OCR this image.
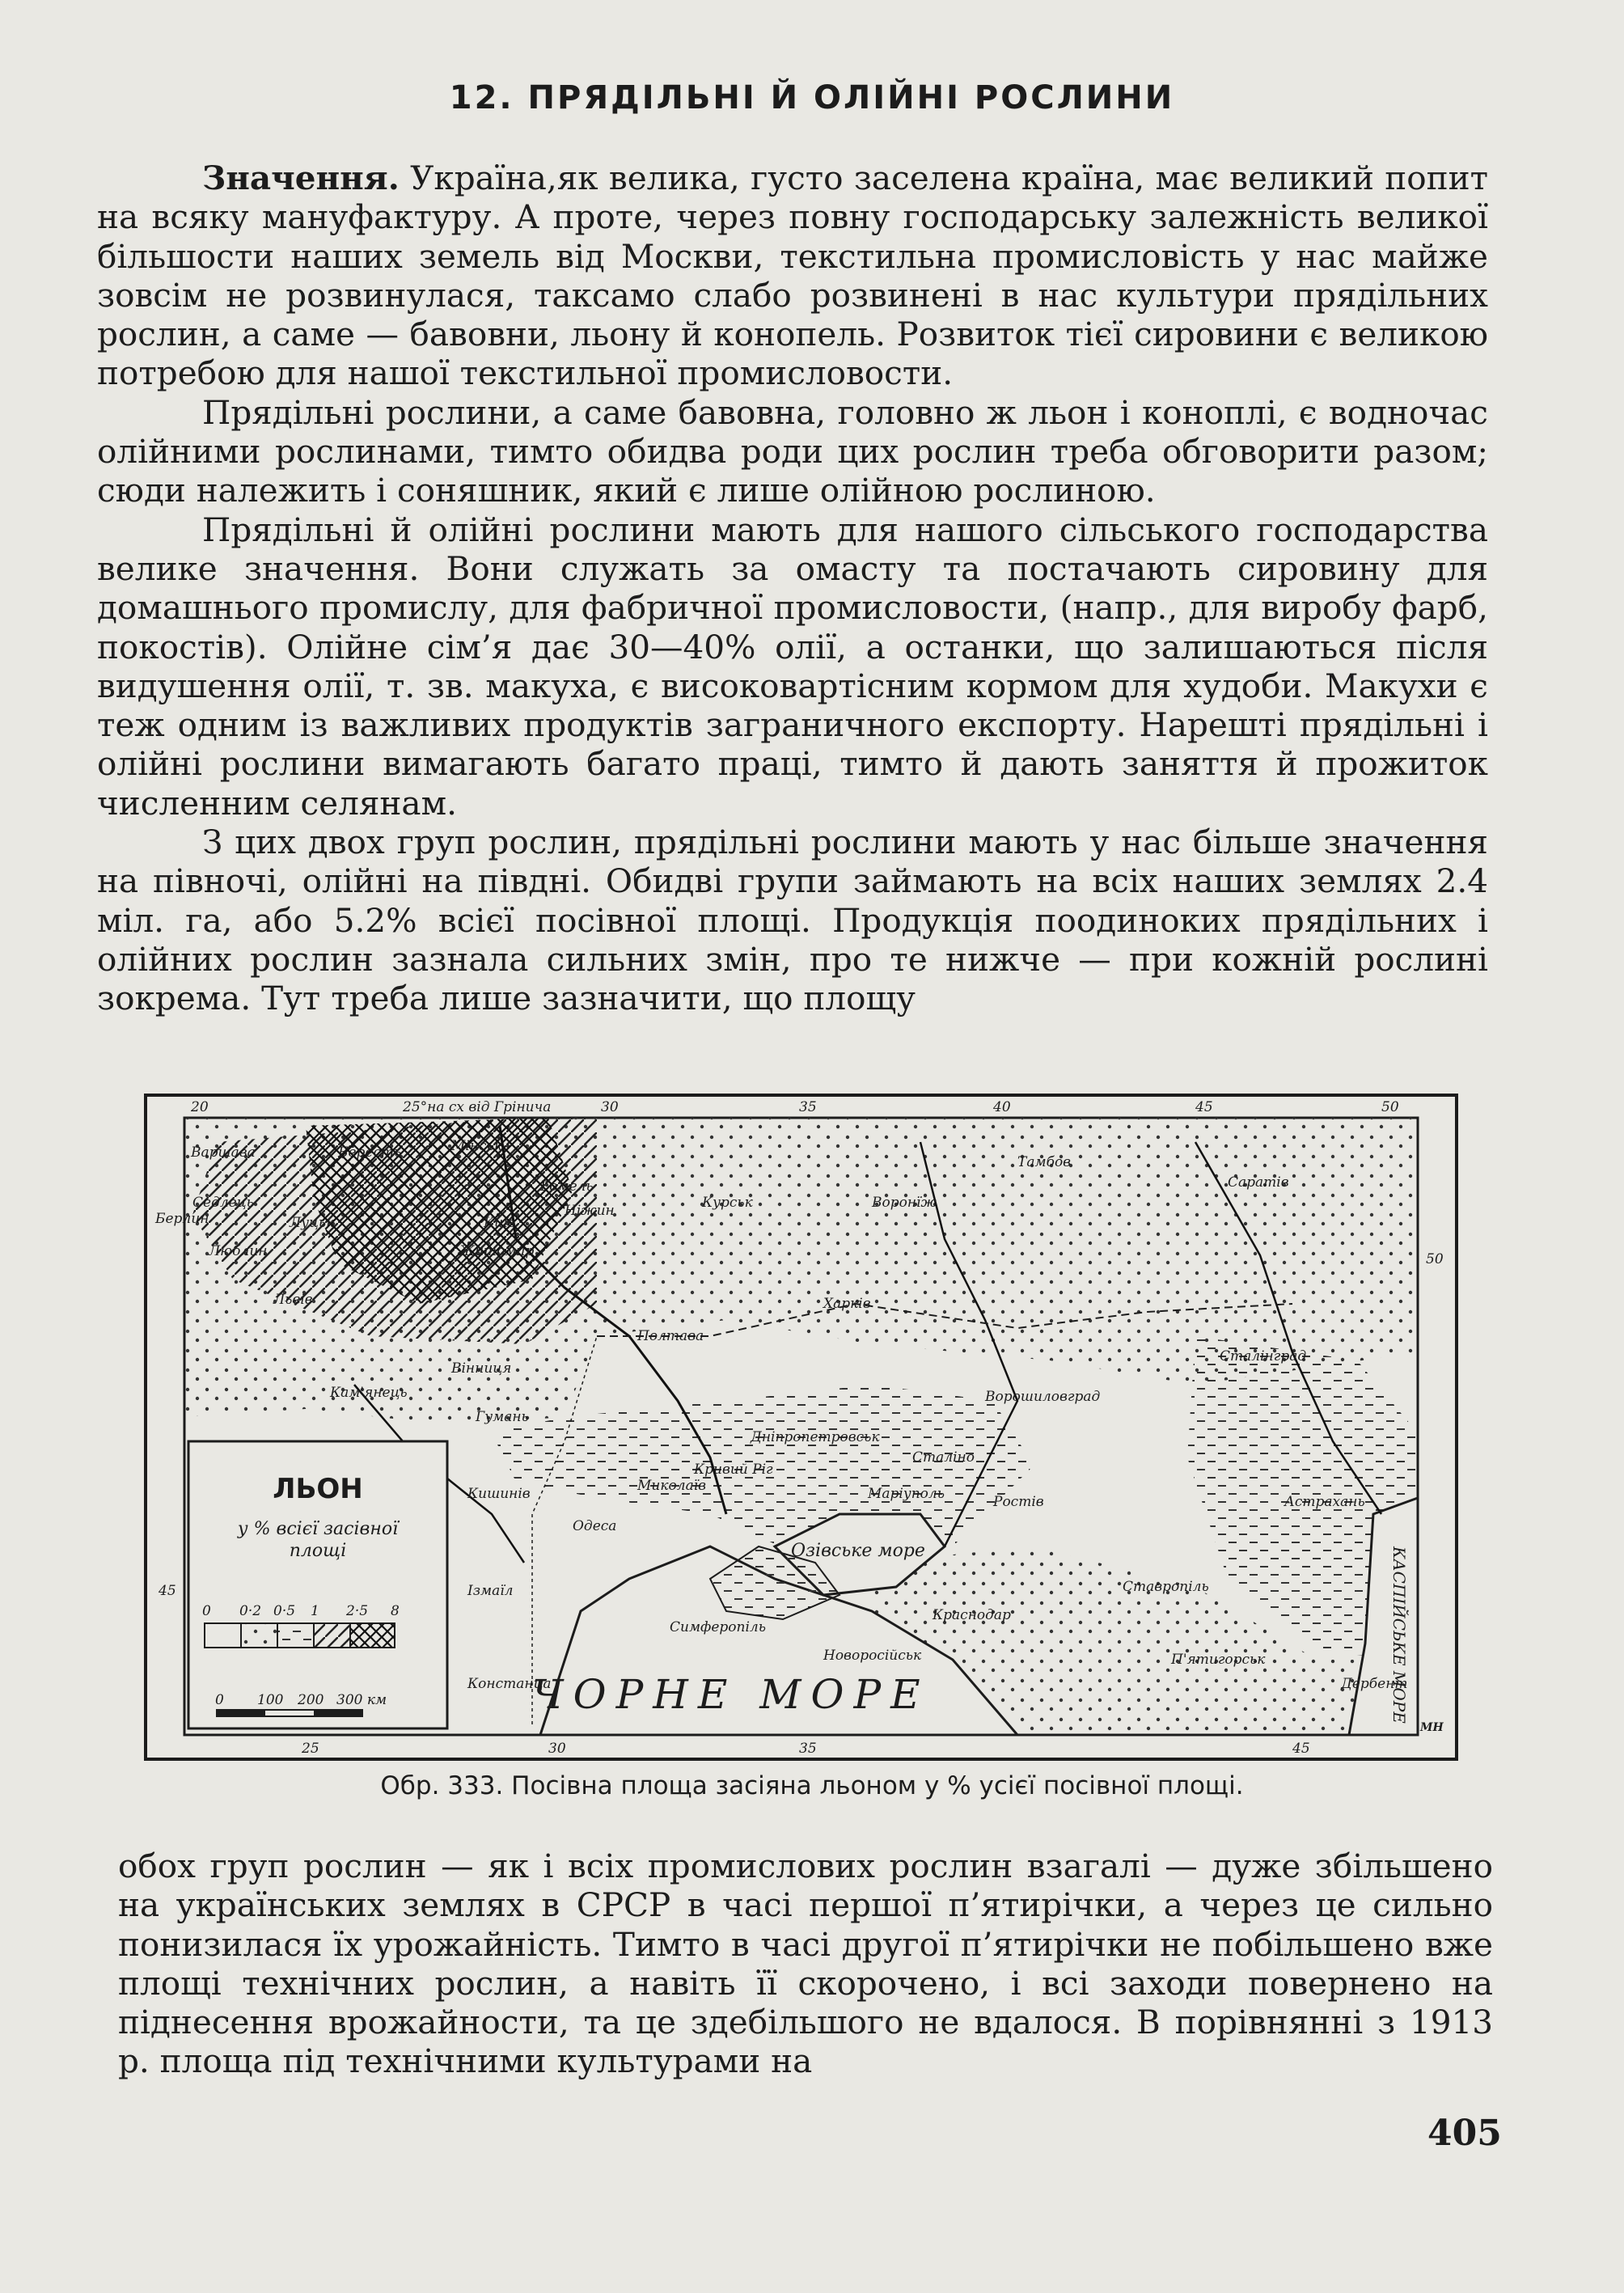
12. ПРЯДІЛЬНІ Й ОЛІЙНІ РОСЛИНИ

Значення. Україна,як велика, густо заселена країна, має великий попит на всяку мануфактуру. А проте, через повну господарську залежність великої більшости наших земель від Москви, текстильна промисловість у нас майже зовсім не розвинулася, таксамо слабо розвинені в нас культури прядільних рослин, а саме — бавовни, льону й конопель. Розвиток тієї сировини є великою потребою для нашої текстильної промисловости.

Прядільні рослини, а саме бавовна, головно ж льон і коноплі, є водночас олійними рослинами, тимто обидва роди цих рослин треба обговорити разом; сюди належить і соняшник, який є лише олійною рослиною.

Прядільні й олійні рослини мають для нашого сільського господарства велике значення. Вони служать за омасту та постачають сировину для домашнього промислу, для фабричної промисловости, (напр., для виробу фарб, покостів). Олійне сім’я дає 30—40% олії, а останки, що залишаються після видушення олії, т. зв. макуха, є високовартісним кормом для худоби. Макухи є теж одним із важливих продуктів заграничного експорту. Нарешті прядільні і олійні рослини вимагають багато праці, тимто й дають заняття й прожиток численним селянам.

З цих двох груп рослин, прядільні рослини мають у нас більше значення на півночі, олійні на півдні. Обидві групи займають на всіх наших землях 2.4 міл. га, або 5.2% всієї посівної площі. Продукція поодиноких прядільних і олійних рослин зазнала сильних змін, про те нижче — при кожній рослині зокрема. Тут треба лише зазначити, що площу

20	25°на сх від Грінича	30	35	40	45	50
25	30	35	45
50
45
Варшава
Берлин
Бересть	Мінськ
Гомель
Седлець
Люблин
Луцьк
Житомир
Київ
Ніжин	Курськ	Воронїж
Тамбов
Саратів
Харків
Полтава
Вінниця
Кам'янець
Гумань
Львів
Дніпропетровськ
Кривий Ріг
Сталіно
Ворошиловград
Сталінград
Миколаїв	Маріуполь	Ростів
Кишинів
Одеса
Ізмаїл
Симферопіль
Новоросійськ
Краснодар
Ставропіль
П'ятигорськ
Астрахань
Констанца	Дербент
ЧОРНЕ МОРЕ
Озівське море	КАСПІЙСЬКЕ МОРЕ
МН
ЛЬОН
у % всієї засівної
площі
0 0·2 0·5 1 2·5 8
0 100 200 300 км
Обр. 333. Посівна площа засіяна льоном у % усієї посівної площі.

обох груп рослин — як і всіх промислових рослин взагалі — дуже збільшено на українських землях в СРСР в часі першої п’ятирічки, а через це сильно понизилася їх урожайність. Тимто в часі другої п’ятирічки не побільшено вже площі технічних рослин, а навіть її скорочено, і всі заходи повернено на піднесення врожайности, та це здебільшого не вдалося. В порівнянні з 1913 р. площа під технічними культурами на

405
